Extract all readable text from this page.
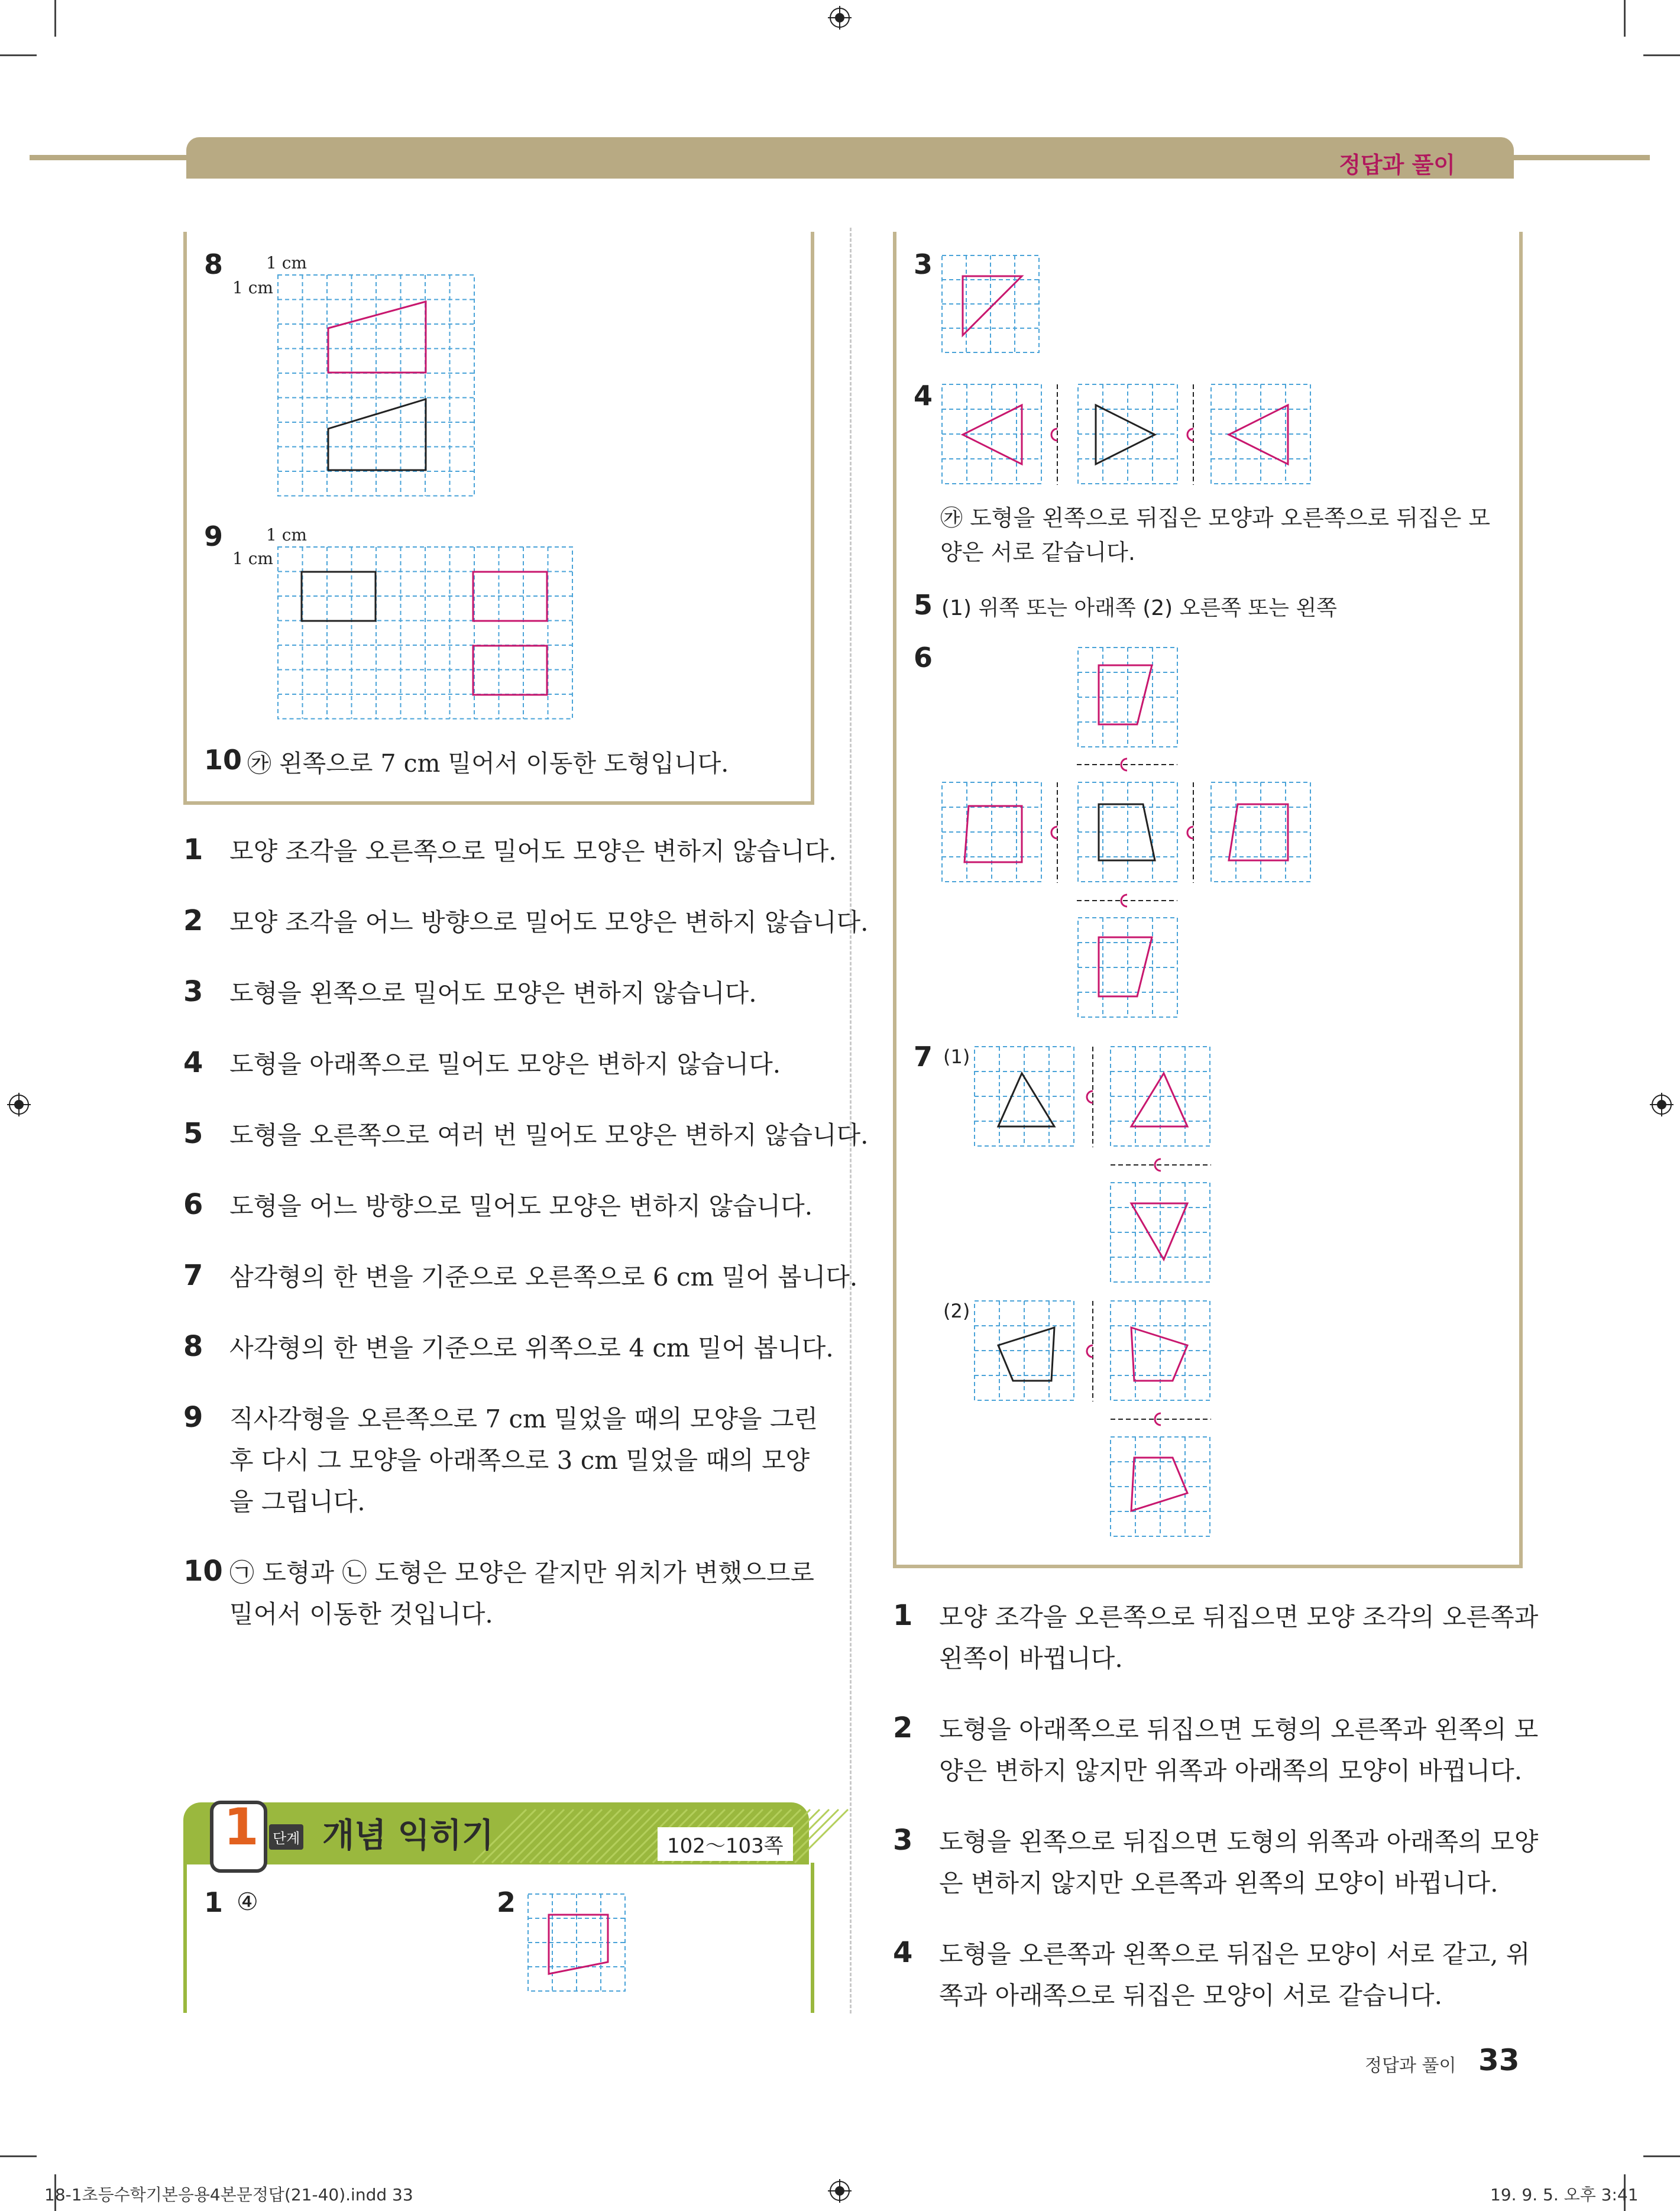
정답과 풀이
8	1 cm
1 cm
9	1 cm
1 cm
10 ㉮ 왼쪽으로 7 cm 밀어서 이동한 도형입니다.
1 모양 조각을 오른쪽으로 밀어도 모양은 변하지 않습니다.
2 모양 조각을 어느 방향으로 밀어도 모양은 변하지 않습니다.
3 도형을 왼쪽으로 밀어도 모양은 변하지 않습니다.
4 도형을 아래쪽으로 밀어도 모양은 변하지 않습니다.
5 도형을 오른쪽으로 여러 번 밀어도 모양은 변하지 않습니다.
6 도형을 어느 방향으로 밀어도 모양은 변하지 않습니다.
7 삼각형의 한 변을 기준으로 오른쪽으로 6 cm 밀어 봅니다.
8 사각형의 한 변을 기준으로 위쪽으로 4 cm 밀어 봅니다.
9 직사각형을 오른쪽으로 7 cm 밀었을 때의 모양을 그린
후 다시 그 모양을 아래쪽으로 3 cm 밀었을 때의 모양
을 그립니다.
10 ㉠ 도형과 ㉡ 도형은 모양은 같지만 위치가 변했으므로
밀어서 이동한 것입니다.
1 단계 개념 익히기	102～103쪽
1 ④	2
3
4
㉮ 도형을 왼쪽으로 뒤집은 모양과 오른쪽으로 뒤집은 모
양은 서로 같습니다.
5 (1) 위쪽 또는 아래쪽 (2) 오른쪽 또는 왼쪽
6
7 (1)
(2)
1 모양 조각을 오른쪽으로 뒤집으면 모양 조각의 오른쪽과
왼쪽이 바뀝니다.
2 도형을 아래쪽으로 뒤집으면 도형의 오른쪽과 왼쪽의 모
양은 변하지 않지만 위쪽과 아래쪽의 모양이 바뀝니다.
3 도형을 왼쪽으로 뒤집으면 도형의 위쪽과 아래쪽의 모양
은 변하지 않지만 오른쪽과 왼쪽의 모양이 바뀝니다.
4 도형을 오른쪽과 왼쪽으로 뒤집은 모양이 서로 같고, 위
쪽과 아래쪽으로 뒤집은 모양이 서로 같습니다.
정답과 풀이 33
18-1초등수학기본응용4본문정답(21-40).indd 33	19. 9. 5. 오후 3:41
